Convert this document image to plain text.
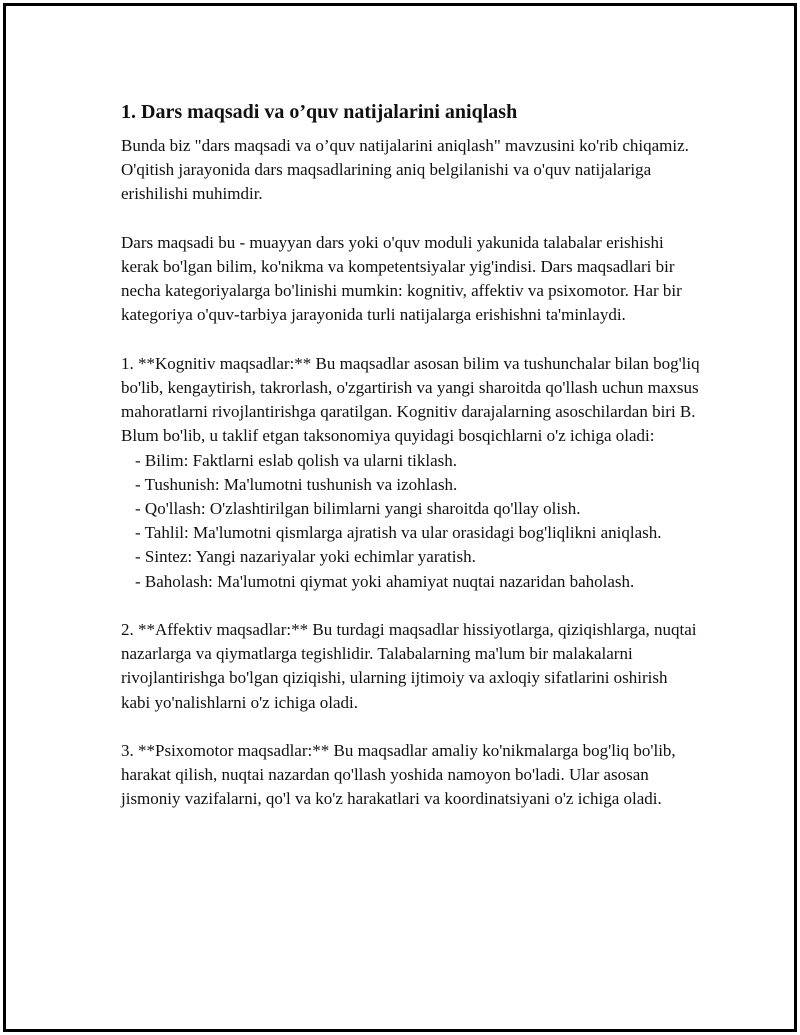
1. Dars maqsadi va o’quv natijalarini aniqlash

Bunda biz "dars maqsadi va o’quv natijalarini aniqlash" mavzusini ko'rib chiqamiz. O'qitish jarayonida dars maqsadlarining aniq belgilanishi va o'quv natijalariga erishilishi muhimdir.

Dars maqsadi bu - muayyan dars yoki o'quv moduli yakunida talabalar erishishi kerak bo'lgan bilim, ko'nikma va kompetentsiyalar yig'indisi. Dars maqsadlari bir necha kategoriyalarga bo'linishi mumkin: kognitiv, affektiv va psixomotor. Har bir kategoriya o'quv-tarbiya jarayonida turli natijalarga erishishni ta'minlaydi.

1. **Kognitiv maqsadlar:** Bu maqsadlar asosan bilim va tushunchalar bilan bog'liq bo'lib, kengaytirish, takrorlash, o'zgartirish va yangi sharoitda qo'llash uchun maxsus mahoratlarni rivojlantirishga qaratilgan. Kognitiv darajalarning asoschilardan biri B. Blum bo'lib, u taklif etgan taksonomiya quyidagi bosqichlarni o'z ichiga oladi:

- Bilim: Faktlarni eslab qolish va ularni tiklash.

- Tushunish: Ma'lumotni tushunish va izohlash.

- Qo'llash: O'zlashtirilgan bilimlarni yangi sharoitda qo'llay olish.

- Tahlil: Ma'lumotni qismlarga ajratish va ular orasidagi bog'liqlikni aniqlash.

- Sintez: Yangi nazariyalar yoki echimlar yaratish.

- Baholash: Ma'lumotni qiymat yoki ahamiyat nuqtai nazaridan baholash.

2. **Affektiv maqsadlar:** Bu turdagi maqsadlar hissiyotlarga, qiziqishlarga, nuqtai nazarlarga va qiymatlarga tegishlidir. Talabalarning ma'lum bir malakalarni rivojlantirishga bo'lgan qiziqishi, ularning ijtimoiy va axloqiy sifatlarini oshirish kabi yo'nalishlarni o'z ichiga oladi.

3. **Psixomotor maqsadlar:** Bu maqsadlar amaliy ko'nikmalarga bog'liq bo'lib, harakat qilish, nuqtai nazardan qo'llash yoshida namoyon bo'ladi. Ular asosan jismoniy vazifalarni, qo'l va ko'z harakatlari va koordinatsiyani o'z ichiga oladi.
